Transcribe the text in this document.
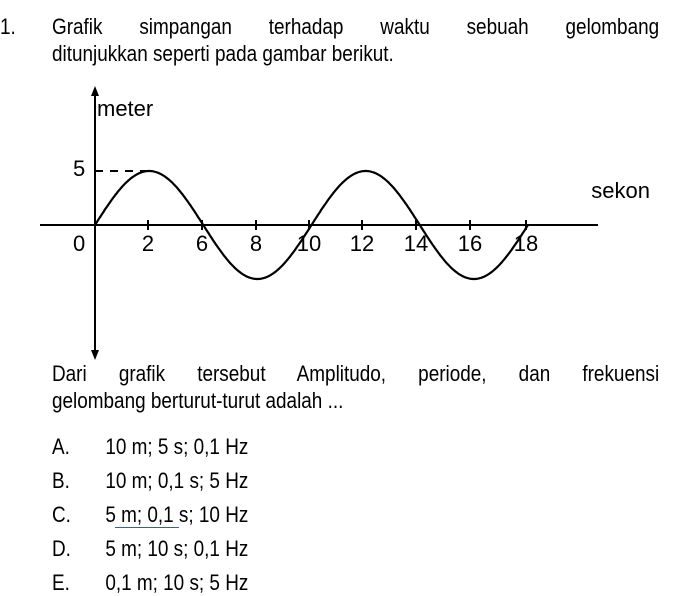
1. Grafik simpangan terhadap waktu sebuah gelombang
ditunjukkan seperti pada gambar berikut.
0	2 6 8 10 12 14 16 18
meter
sekon
5
Dari grafik tersebut Amplitudo, periode, dan frekuensi
gelombang berturut-turut adalah ...
A. 10 m; 5 s; 0,1 Hz
B. 10 m; 0,1 s; 5 Hz
C. 5 m; 0,1 s; 10 Hz
D. 5 m; 10 s; 0,1 Hz
E. 0,1 m; 10 s; 5 Hz
